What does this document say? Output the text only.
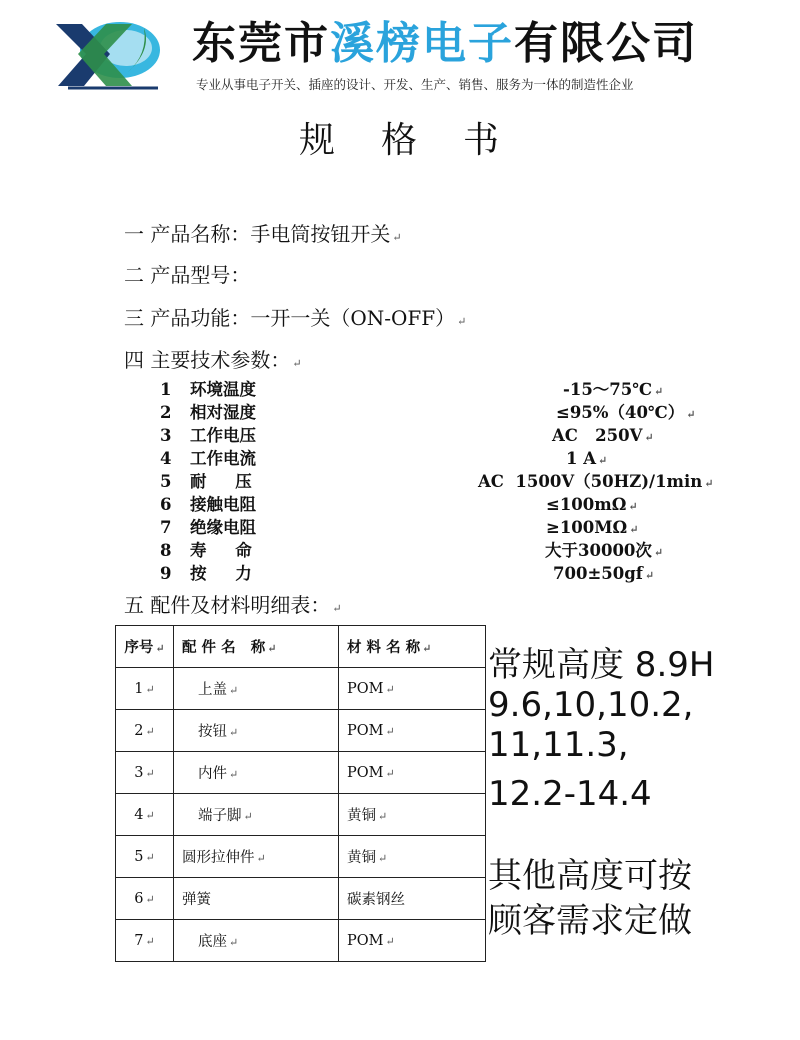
东莞市溪榜电子有限公司
专业从事电子开关、插座的设计、开发、生产、销售、服务为一体的制造性企业
规 格 书
一 产品名称：手电筒按钮开关 ↵
二 产品型号：
三 产品功能：一开一关（ON-OFF） ↵
四 主要技术参数： ↵
1 环境温度	-15～75℃ ↵
2 相对湿度	≤95%（40℃） ↵
3 工作电压	AC   250V ↵
4 工作电流	1 A ↵
5 耐     压	AC  1500V（50HZ)/1min ↵
6 接触电阻	≤100mΩ ↵
7 绝缘电阻	≥100MΩ ↵
8 寿     命	大于30000次 ↵
9 按     力	700±50gf ↵
五 配件及材料明细表： ↵
序号 ↵	配 件 名   称 ↵	材 料 名 称 ↵
1 ↵	上盖 ↵	POM ↵
2 ↵	按钮 ↵	POM ↵
3 ↵	内件 ↵	POM ↵
4 ↵	端子脚 ↵	黄铜 ↵
5 ↵	圆形拉伸件 ↵	黄铜 ↵
6 ↵	弹簧	碳素钢丝
7 ↵	底座 ↵	POM ↵
常规高度 8.9H
9.6,10,10.2,
11,11.3,
12.2-14.4
其他高度可按
顾客需求定做
